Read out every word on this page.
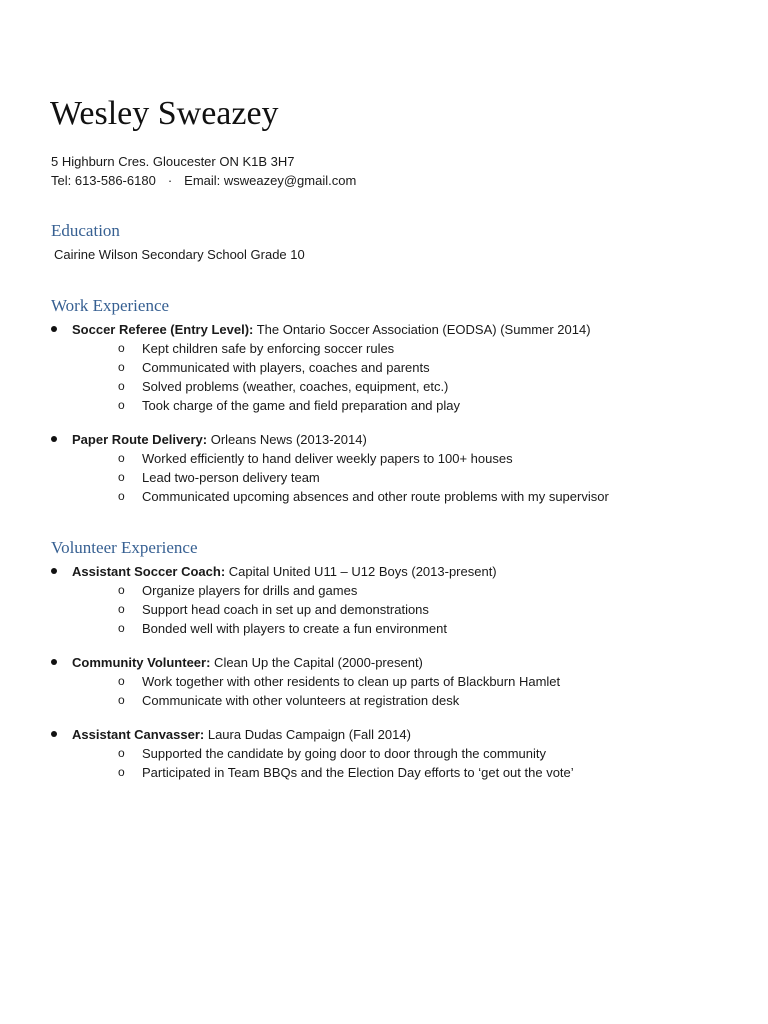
Wesley Sweazey
5 Highburn Cres. Gloucester ON K1B 3H7
Tel: 613-586-6180 · Email: wsweazey@gmail.com
Education
Cairine Wilson Secondary School Grade 10
Work Experience
Soccer Referee (Entry Level): The Ontario Soccer Association (EODSA) (Summer 2014)
o	Kept children safe by enforcing soccer rules
o	Communicated with players, coaches and parents
o	Solved problems (weather, coaches, equipment, etc.)
o	Took charge of the game and field preparation and play
Paper Route Delivery: Orleans News (2013-2014)
o	Worked efficiently to hand deliver weekly papers to 100+ houses
o	Lead two-person delivery team
o	Communicated upcoming absences and other route problems with my supervisor
Volunteer Experience
Assistant Soccer Coach: Capital United U11 – U12 Boys (2013-present)
o	Organize players for drills and games
o	Support head coach in set up and demonstrations
o	Bonded well with players to create a fun environment
Community Volunteer: Clean Up the Capital (2000-present)
o	Work together with other residents to clean up parts of Blackburn Hamlet
o	Communicate with other volunteers at registration desk
Assistant Canvasser: Laura Dudas Campaign (Fall 2014)
o	Supported the candidate by going door to door through the community
o	Participated in Team BBQs and the Election Day efforts to ‘get out the vote’
